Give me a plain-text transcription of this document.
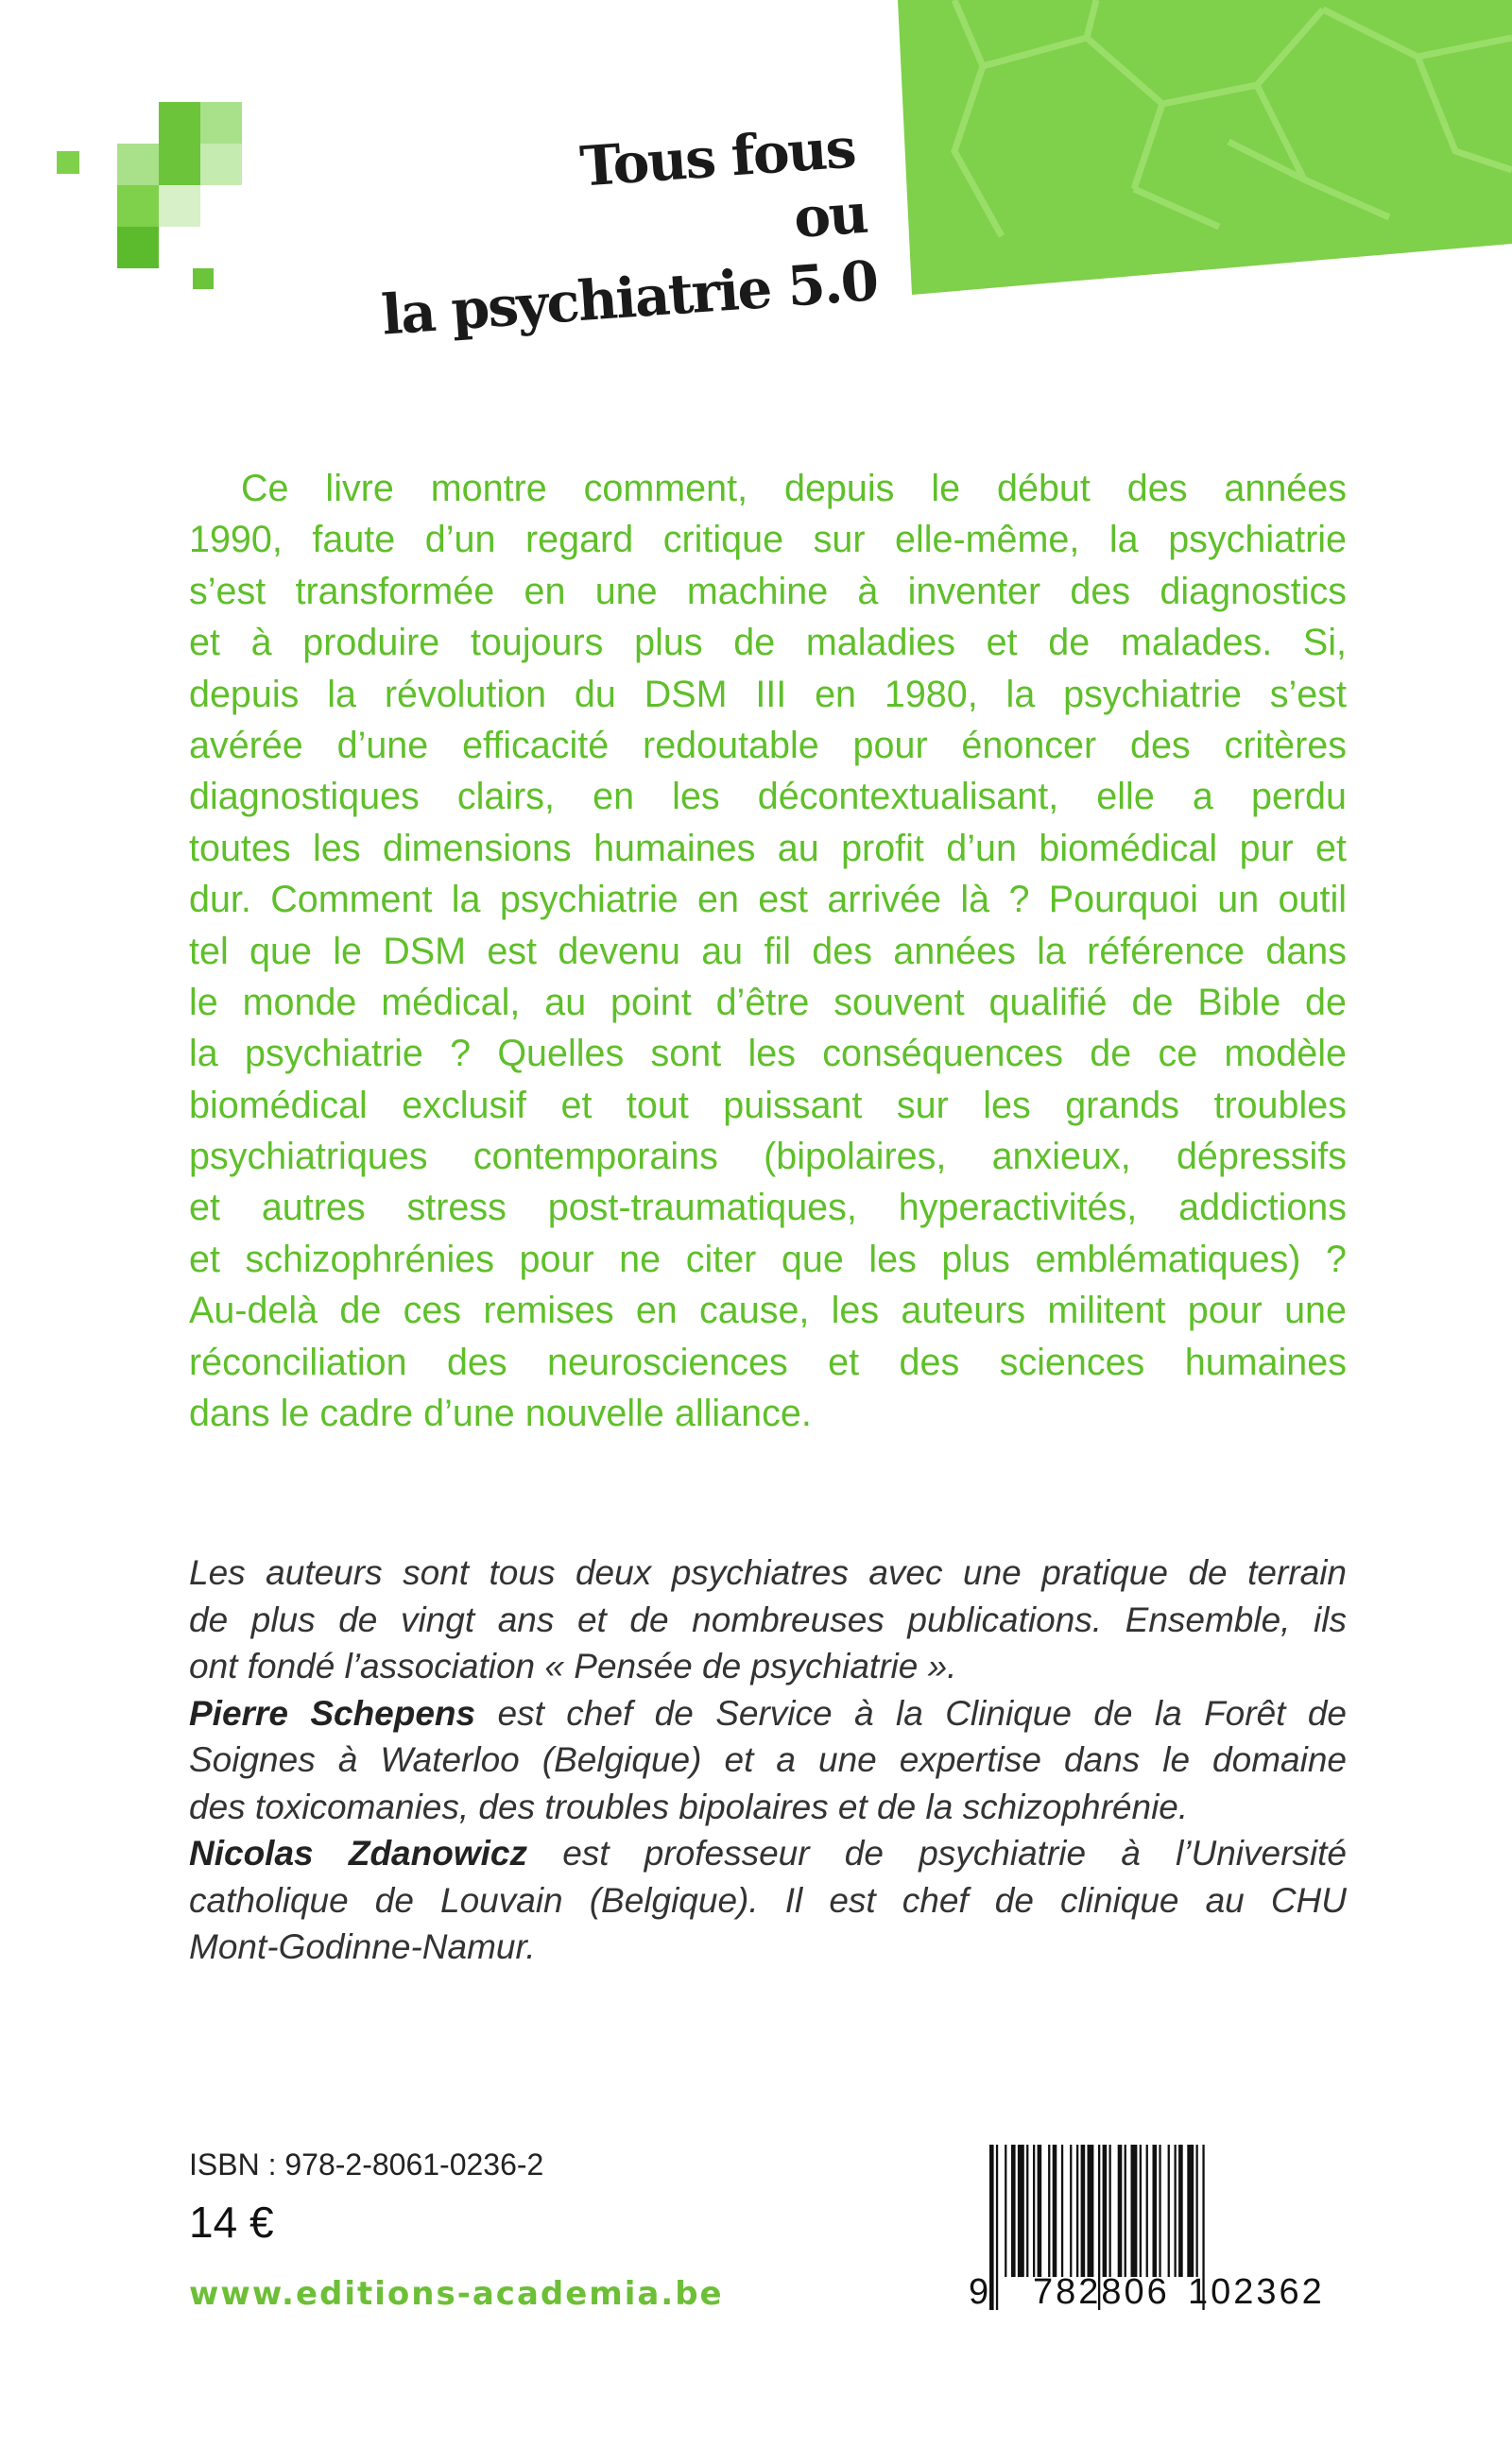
Tous fous
ou
la psychiatrie 5.0
Ce livre montre comment, depuis le début des années
1990, faute d’un regard critique sur elle-même, la psychiatrie
s’est transformée en une machine à inventer des diagnostics
et à produire toujours plus de maladies et de malades. Si,
depuis la révolution du DSM III en 1980, la psychiatrie s’est
avérée d’une efficacité redoutable pour énoncer des critères
diagnostiques clairs, en les décontextualisant, elle a perdu
toutes les dimensions humaines au profit d’un biomédical pur et
dur. Comment la psychiatrie en est arrivée là ? Pourquoi un outil
tel que le DSM est devenu au fil des années la référence dans
le monde médical, au point d’être souvent qualifié de Bible de
la psychiatrie ? Quelles sont les conséquences de ce modèle
biomédical exclusif et tout puissant sur les grands troubles
psychiatriques contemporains (bipolaires, anxieux, dépressifs
et autres stress post-traumatiques, hyperactivités, addictions
et schizophrénies pour ne citer que les plus emblématiques) ?
Au-delà de ces remises en cause, les auteurs militent pour une
réconciliation des neurosciences et des sciences humaines
dans le cadre d’une nouvelle alliance.
Les auteurs sont tous deux psychiatres avec une pratique de terrain
de plus de vingt ans et de nombreuses publications. Ensemble, ils
ont fondé l’association « Pensée de psychiatrie ».
Pierre Schepens est chef de Service à la Clinique de la Forêt de
Soignes à Waterloo (Belgique) et a une expertise dans le domaine
des toxicomanies, des troubles bipolaires et de la schizophrénie.
Nicolas Zdanowicz est professeur de psychiatrie à l’Université
catholique de Louvain (Belgique). Il est chef de clinique au CHU
Mont-Godinne-Namur.
ISBN : 978-2-8061-0236-2
14 €
www.editions-academia.be	9 782806 102362
